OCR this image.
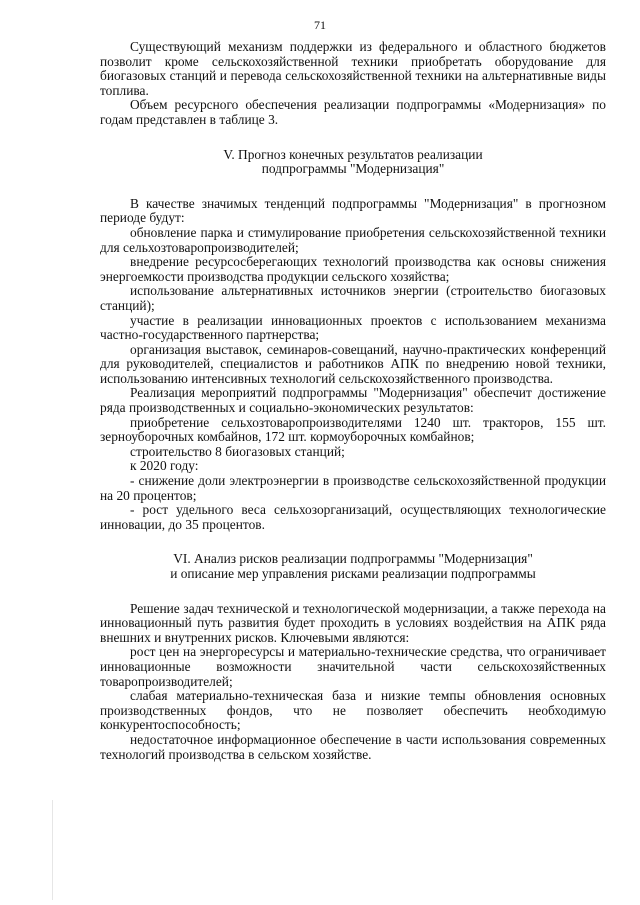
71

Существующий механизм поддержки из федерального и областного бюджетов позволит кроме сельскохозяйственной техники приобретать оборудование для биогазовых станций и перевода сельскохозяйственной техники на альтернативные виды топлива.

Объем ресурсного обеспечения реализации подпрограммы «Модернизация» по годам представлен в таблице 3.

V. Прогноз конечных результатов реализации
подпрограммы "Модернизация"

В качестве значимых тенденций подпрограммы "Модернизация" в прогнозном периоде будут:

обновление парка и стимулирование приобретения сельскохозяйственной техники для сельхозтоваропроизводителей;

внедрение ресурсосберегающих технологий производства как основы снижения энергоемкости производства продукции сельского хозяйства;

использование альтернативных источников энергии (строительство биогазовых станций);

участие в реализации инновационных проектов с использованием механизма частно-государственного партнерства;

организация выставок, семинаров-совещаний, научно-практических конференций для руководителей, специалистов и работников АПК по внедрению новой техники, использованию интенсивных технологий сельскохозяйственного производства.

Реализация мероприятий подпрограммы "Модернизация" обеспечит достижение ряда производственных и социально-экономических результатов:

приобретение сельхозтоваропроизводителями 1240 шт. тракторов, 155 шт. зерноуборочных комбайнов, 172 шт. кормоуборочных комбайнов;

строительство 8 биогазовых станций;

к 2020 году:

- снижение доли электроэнергии в производстве сельскохозяйственной продукции на 20 процентов;

- рост удельного веса сельхозорганизаций, осуществляющих технологические инновации, до 35 процентов.

VI. Анализ рисков реализации подпрограммы "Модернизация"
и описание мер управления рисками реализации подпрограммы

Решение задач технической и технологической модернизации, а также перехода на инновационный путь развития будет проходить в условиях воздействия на АПК ряда внешних и внутренних рисков. Ключевыми являются:

рост цен на энергоресурсы и материально-технические средства, что ограничивает инновационные возможности значительной части сельскохозяйственных товаропроизводителей;

слабая материально-техническая база и низкие темпы обновления основных производственных фондов, что не позволяет обеспечить необходимую конкурентоспособность;

недостаточное информационное обеспечение в части использования современных технологий производства в сельском хозяйстве.
